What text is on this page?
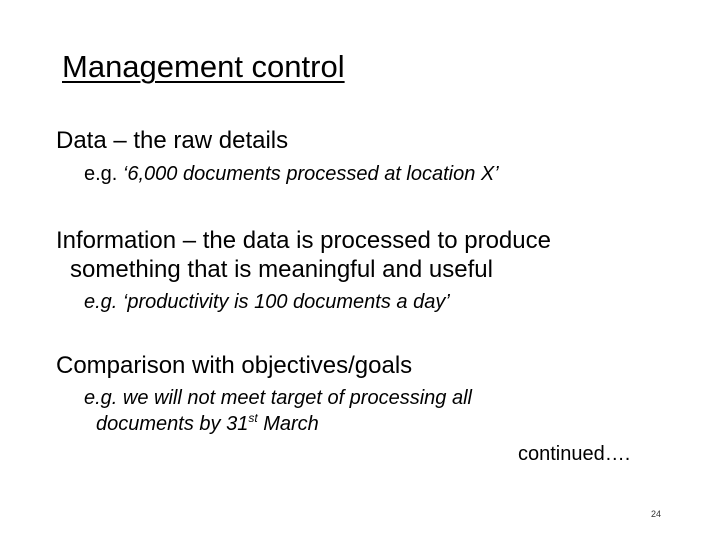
Management control
Data – the raw details
e.g. ‘6,000 documents processed at location X’
Information – the data is processed to produce
something that is meaningful and useful
e.g. ‘productivity is 100 documents a day’
Comparison with objectives/goals
e.g. we will not meet target of processing all
documents by 31st March
continued….
24
